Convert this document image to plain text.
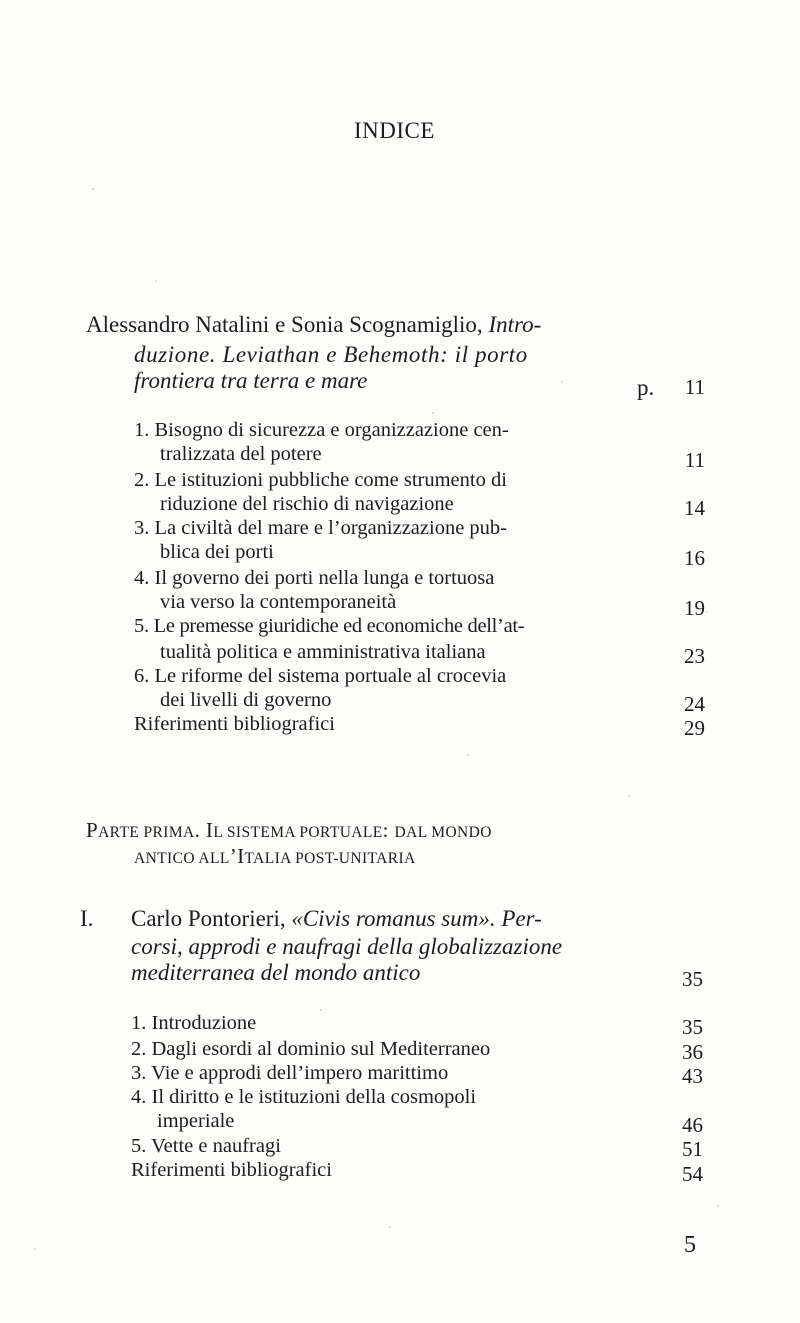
INDICE
Alessandro Natalini e Sonia Scognamiglio, Intro-
duzione. Leviathan e Behemoth: il porto
frontiera tra terra e mare	p.	11
1. Bisogno di sicurezza e organizzazione cen-
tralizzata del potere	11
2. Le istituzioni pubbliche come strumento di
riduzione del rischio di navigazione	14
3. La civiltà del mare e l’organizzazione pub-
blica dei porti	16
4. Il governo dei porti nella lunga e tortuosa
via verso la contemporaneità	19
5. Le premesse giuridiche ed economiche dell’at-
tualità politica e amministrativa italiana	23
6. Le riforme del sistema portuale al crocevia
dei livelli di governo	24
Riferimenti bibliografici	29
PARTE PRIMA. IL SISTEMA PORTUALE: DAL MONDO
ANTICO ALL’ITALIA POST-UNITARIA
I. Carlo Pontorieri, «Civis romanus sum». Per-
corsi, approdi e naufragi della globalizzazione
mediterranea del mondo antico	35
1. Introduzione	35
2. Dagli esordi al dominio sul Mediterraneo	36
3. Vie e approdi dell’impero marittimo	43
4. Il diritto e le istituzioni della cosmopoli
imperiale	46
5. Vette e naufragi	51
Riferimenti bibliografici	54
5
